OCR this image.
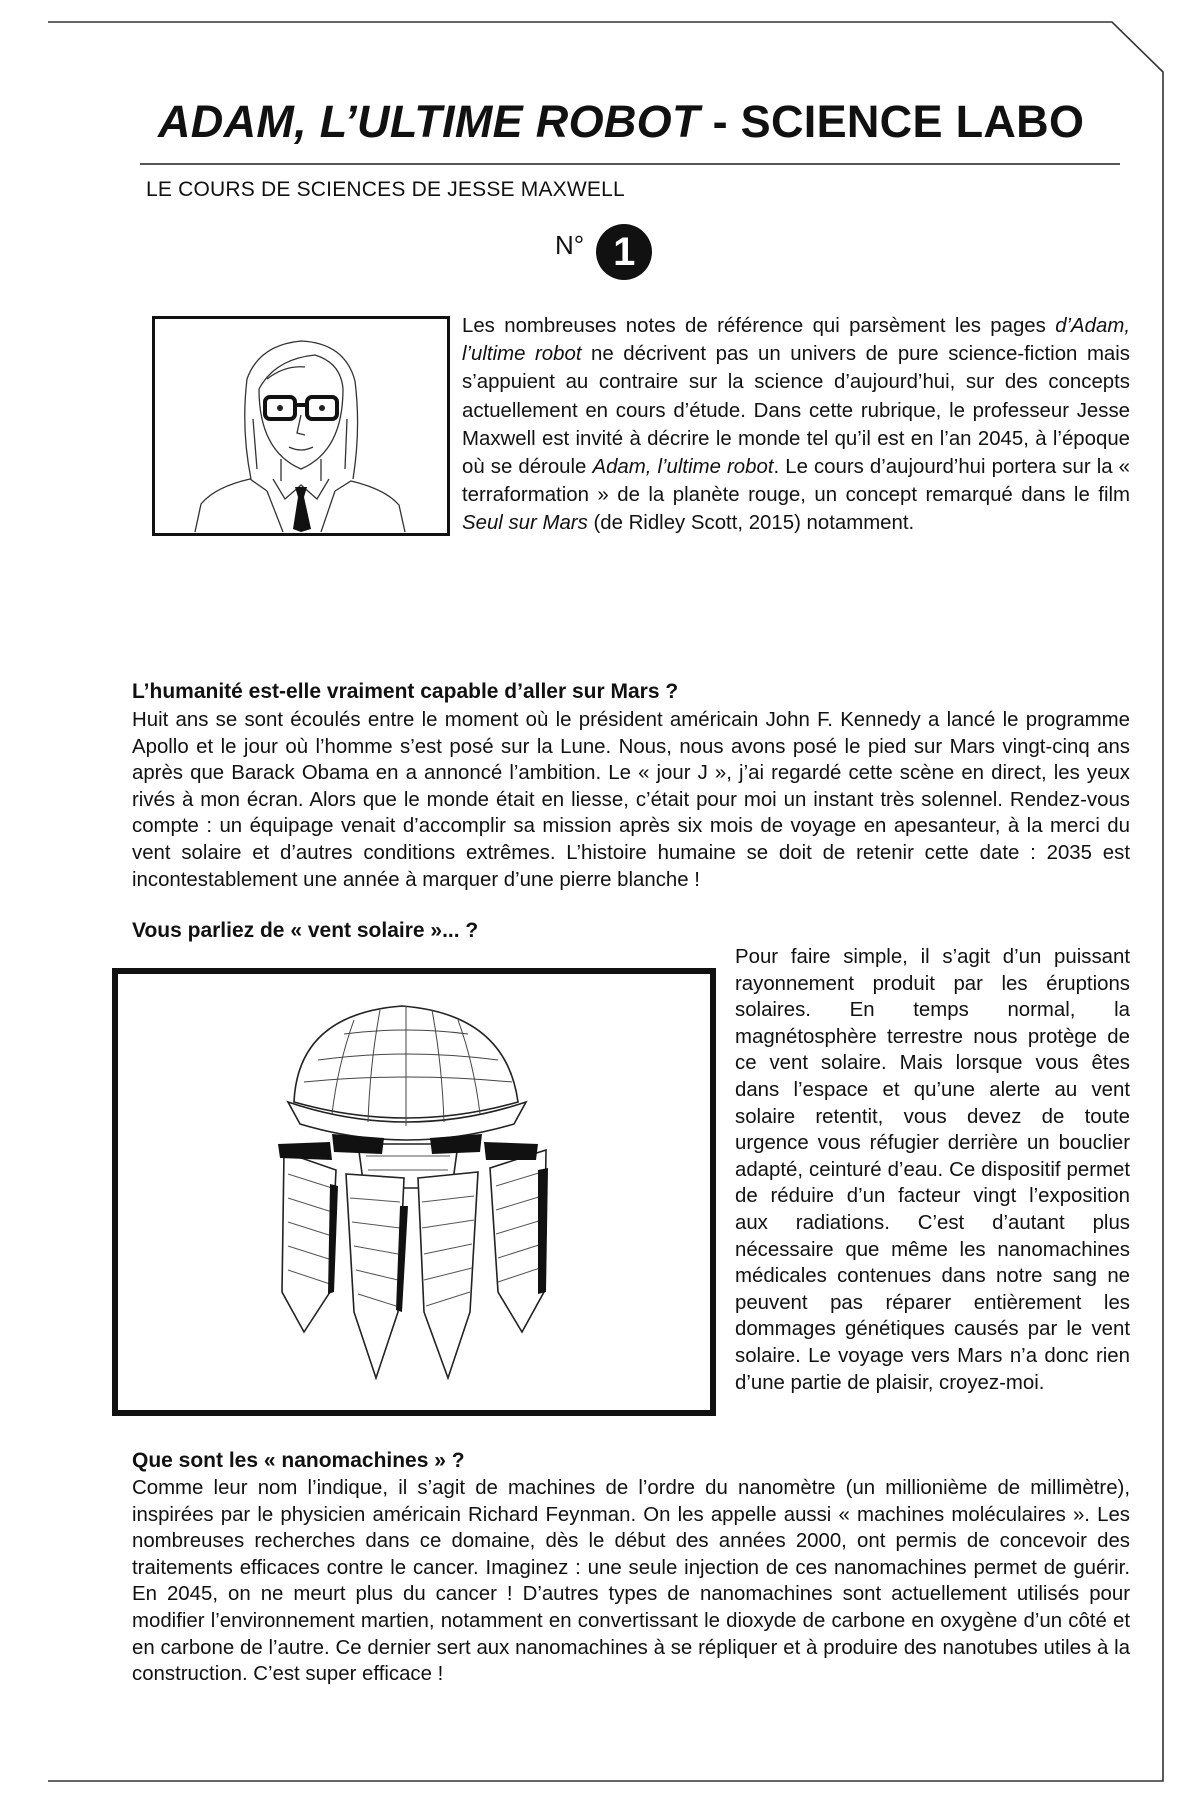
ADAM, L’ULTIME ROBOT - SCIENCE LABO

LE COURS DE SCIENCES DE JESSE MAXWELL

N° 1

Les nombreuses notes de référence qui parsèment les pages d’Adam, l’ultime robot ne décrivent pas un univers de pure science-fiction mais s’appuient au contraire sur la science d’aujourd’hui, sur des concepts actuellement en cours d’étude. Dans cette rubrique, le professeur Jesse Maxwell est invité à décrire le monde tel qu’il est en l’an 2045, à l’époque où se déroule Adam, l’ultime robot. Le cours d’aujourd’hui portera sur la « terraformation » de la planète rouge, un concept remarqué dans le film Seul sur Mars (de Ridley Scott, 2015) notamment.

L’humanité est-elle vraiment capable d’aller sur Mars ?

Huit ans se sont écoulés entre le moment où le président américain John F. Kennedy a lancé le programme Apollo et le jour où l’homme s’est posé sur la Lune. Nous, nous avons posé le pied sur Mars vingt-cinq ans après que Barack Obama en a annoncé l’ambition. Le « jour J », j’ai regardé cette scène en direct, les yeux rivés à mon écran. Alors que le monde était en liesse, c’était pour moi un instant très solennel. Rendez-vous compte : un équipage venait d’accomplir sa mission après six mois de voyage en apesanteur, à la merci du vent solaire et d’autres conditions extrêmes. L’histoire humaine se doit de retenir cette date : 2035 est incontestablement une année à marquer d’une pierre blanche !

Vous parliez de « vent solaire »... ?

Pour faire simple, il s’agit d’un puissant rayonnement produit par les éruptions solaires. En temps normal, la magnétosphère terrestre nous protège de ce vent solaire. Mais lorsque vous êtes dans l’espace et qu’une alerte au vent solaire retentit, vous devez de toute urgence vous réfugier derrière un bouclier adapté, ceinturé d’eau. Ce dispositif permet de réduire d’un facteur vingt l’exposition aux radiations. C’est d’autant plus nécessaire que même les nanomachines médicales contenues dans notre sang ne peuvent pas réparer entièrement les dommages génétiques causés par le vent solaire. Le voyage vers Mars n’a donc rien d’une partie de plaisir, croyez-moi.

Que sont les « nanomachines » ?

Comme leur nom l’indique, il s’agit de machines de l’ordre du nanomètre (un millionième de millimètre), inspirées par le physicien américain Richard Feynman. On les appelle aussi « machines moléculaires ». Les nombreuses recherches dans ce domaine, dès le début des années 2000, ont permis de concevoir des traitements efficaces contre le cancer. Imaginez : une seule injection de ces nanomachines permet de guérir. En 2045, on ne meurt plus du cancer ! D’autres types de nanomachines sont actuellement utilisés pour modifier l’environnement martien, notamment en convertissant le dioxyde de carbone en oxygène d’un côté et en carbone de l’autre. Ce dernier sert aux nanomachines à se répliquer et à produire des nanotubes utiles à la construction. C’est super efficace !
